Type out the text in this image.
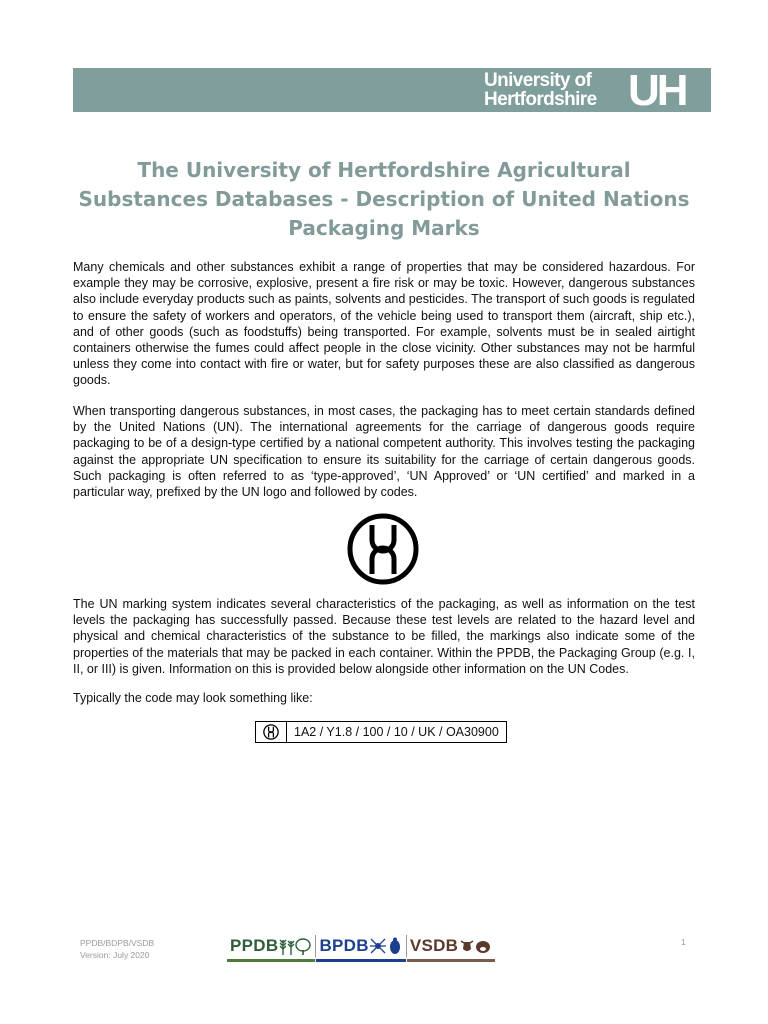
University of
Hertfordshire UH
The University of Hertfordshire Agricultural Substances Databases - Description of United Nations Packaging Marks

Many chemicals and other substances exhibit a range of properties that may be considered hazardous. For example they may be corrosive, explosive, present a fire risk or may be toxic. However, dangerous substances also include everyday products such as paints, solvents and pesticides. The transport of such goods is regulated to ensure the safety of workers and operators, of the vehicle being used to transport them (aircraft, ship etc.), and of other goods (such as foodstuffs) being transported. For example, solvents must be in sealed airtight containers otherwise the fumes could affect people in the close vicinity. Other substances may not be harmful unless they come into contact with fire or water, but for safety purposes these are also classified as dangerous goods.

When transporting dangerous substances, in most cases, the packaging has to meet certain standards defined by the United Nations (UN). The international agreements for the carriage of dangerous goods require packaging to be of a design-type certified by a national competent authority. This involves testing the packaging against the appropriate UN specification to ensure its suitability for the carriage of certain dangerous goods. Such packaging is often referred to as ‘type-approved’, ‘UN Approved’ or ‘UN certified’ and marked in a particular way, prefixed by the UN logo and followed by codes.

The UN marking system indicates several characteristics of the packaging, as well as information on the test levels the packaging has successfully passed. Because these test levels are related to the hazard level and physical and chemical characteristics of the substance to be filled, the markings also indicate some of the properties of the materials that may be packed in each container. Within the PPDB, the Packaging Group (e.g. I, II, or III) is given. Information on this is provided below alongside other information on the UN Codes.

Typically the code may look something like:

1A2 / Y1.8 / 100 / 10 / UK / OA30900
PPDB/BDPB/VSDB
Version: July 2020	PPDB BPDB VSDB	1
